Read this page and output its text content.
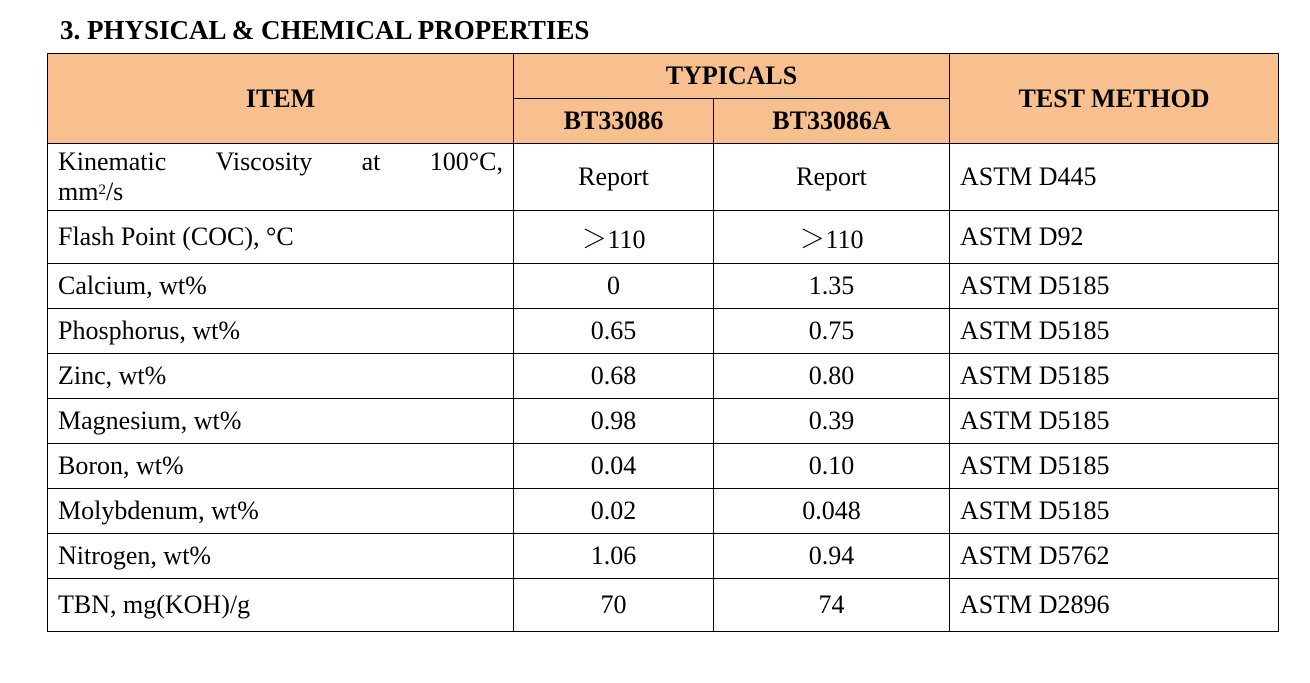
3. PHYSICAL & CHEMICAL PROPERTIES
ITEM	TYPICALS		TEST METHOD
	BT33086	BT33086A	

Kinematic Viscosity at 100°C,
$mm^2/s$	Report	Report	ASTM D445
Flash Point (COC), °C	＞110	＞110	ASTM D92
Calcium, wt%	0	1.35	ASTM D5185
Phosphorus, wt%	0.65	0.75	ASTM D5185
Zinc, wt%	0.68	0.80	ASTM D5185
Magnesium, wt%	0.98	0.39	ASTM D5185
Boron, wt%	0.04	0.10	ASTM D5185
Molybdenum, wt%	0.02	0.048	ASTM D5185
Nitrogen, wt%	1.06	0.94	ASTM D5762
TBN, mg(KOH)/g	70	74	ASTM D2896
